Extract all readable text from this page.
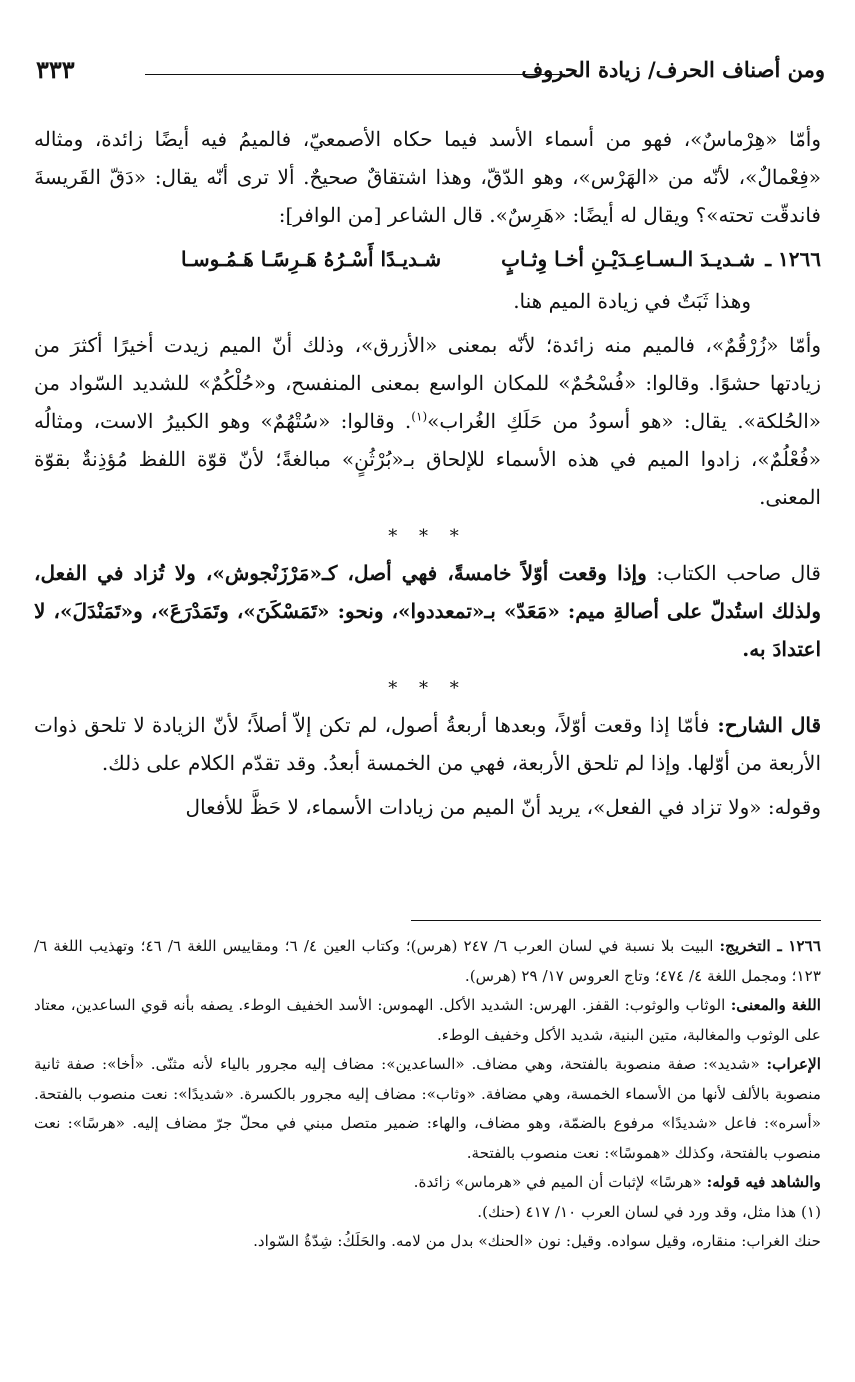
ومن أصناف الحرف/ زيادة الحروف
٣٣٣

وأمّا «هِرْماسٌ»، فهو من أسماء الأسد فيما حكاه الأصمعيّ، فالميمُ فيه أيضًا زائدة، ومثاله «فِعْمالٌ»، لأنّه من «الهَرْس»، وهو الدّقّ، وهذا اشتقاقٌ صحيحٌ. ألا ترى أنّه يقال: «دَقّ القَريسةَ فاندقّت تحته»؟ ويقال له أيضًا: «هَرِسٌ». قال الشاعر [من الوافر]:

١٢٦٦ ـ
شـديـدَ الـسـاعِـدَيْـنِ أخـا وِثـابٍ
شـديـدًا أَسْـرُهُ هَـرِسًـا هَـمُـوسـا

وهذا ثَبَتٌ في زيادة الميم هنا.

وأمّا «زُرْقُمٌ»، فالميم منه زائدة؛ لأنّه بمعنى «الأزرق»، وذلك أنّ الميم زيدت أخيرًا أكثرَ من زيادتها حشوًا. وقالوا: «فُسْحُمٌ» للمكان الواسع بمعنى المنفسح، و«حُلْكُمٌ» للشديد السّواد من «الحُلكة». يقال: «هو أسودُ من حَلَكِ الغُراب»$^{(١)}$. وقالوا: «سُتْهُمٌ» وهو الكبيرُ الاست، ومثالُه «فُعْلُمٌ»، زادوا الميم في هذه الأسماء للإلحاق بـ«بُرْثُنٍ» مبالغةً؛ لأنّ قوّة اللفظ مُؤذِنةٌ بقوّة المعنى.

* * *

قال صاحب الكتاب: وإذا وقعت أوّلاً خامسةً، فهي أصل، كـ«مَرْزَنْجوش»، ولا تُزاد في الفعل، ولذلك استُدلّ على أصالةِ ميم: «مَعَدّ» بـ«تمعددوا»، ونحو: «تَمَسْكَنَ»، وتَمَدْرَعَ»، و«تَمَنْدَلَ»، لا اعتدادَ به.

* * *

قال الشارح: فأمّا إذا وقعت أوّلاً، وبعدها أربعةُ أصول، لم تكن إلاّ أصلاً؛ لأنّ الزيادة لا تلحق ذوات الأربعة من أوّلها. وإذا لم تلحق الأربعة، فهي من الخمسة أبعدُ. وقد تقدّم الكلام على ذلك.

وقوله: «ولا تزاد في الفعل»، يريد أنّ الميم من زيادات الأسماء، لا حَظَّ للأفعال

١٢٦٦ ـ التخريج: البيت بلا نسبة في لسان العرب ٦/ ٢٤٧ (هرس)؛ وكتاب العين ٤/ ٦؛ ومقاييس اللغة ٦/ ٤٦؛ وتهذيب اللغة ٦/ ١٢٣؛ ومجمل اللغة ٤/ ٤٧٤؛ وتاج العروس ١٧/ ٢٩ (هرس).

اللغة والمعنى: الوثاب والوثوب: القفز. الهرس: الشديد الأكل. الهموس: الأسد الخفيف الوطء. يصفه بأنه قوي الساعدين، معتاد على الوثوب والمغالبة، متين البنية، شديد الأكل وخفيف الوطء.

الإعراب: «شديد»: صفة منصوبة بالفتحة، وهي مضاف. «الساعدين»: مضاف إليه مجرور بالياء لأنه مثنّى. «أخا»: صفة ثانية منصوبة بالألف لأنها من الأسماء الخمسة، وهي مضافة. «وثاب»: مضاف إليه مجرور بالكسرة. «شديدًا»: نعت منصوب بالفتحة. «أسره»: فاعل «شديدًا» مرفوع بالضمّة، وهو مضاف، والهاء: ضمير متصل مبني في محلّ جرّ مضاف إليه. «هرسًا»: نعت منصوب بالفتحة، وكذلك «هموسًا»: نعت منصوب بالفتحة.

والشاهد فيه قوله: «هرسًا» لإثبات أن الميم في «هرماس» زائدة.

(١) هذا مثل، وقد ورد في لسان العرب ١٠/ ٤١٧ (حنك).

حنك الغراب: منقاره، وقيل سواده. وقيل: نون «الحنك» بدل من لامه. والحَلَكُ: شِدّةُ السّواد.
